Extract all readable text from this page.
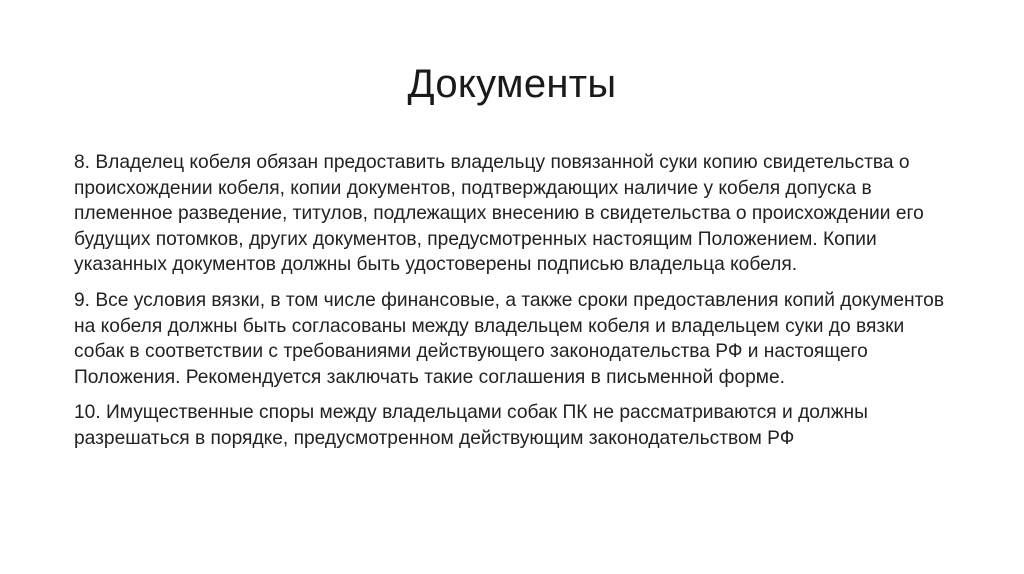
Документы

8. Владелец кобеля обязан предоставить владельцу повязанной суки копию свидетельства о происхождении кобеля, копии документов, подтверждающих наличие у кобеля допуска в племенное разведение, титулов, подлежащих внесению в свидетельства о происхождении его будущих потомков, других документов, предусмотренных настоящим Положением. Копии указанных документов должны быть удостоверены подписью владельца кобеля.

9. Все условия вязки, в том числе финансовые, а также сроки предоставления копий документов на кобеля должны быть согласованы между владельцем кобеля и владельцем суки до вязки собак в соответствии с требованиями действующего законодательства РФ и настоящего Положения. Рекомендуется заключать такие соглашения в письменной форме.

10. Имущественные споры между владельцами собак ПК не рассматриваются и должны разрешаться в порядке, предусмотренном действующим законодательством РФ
